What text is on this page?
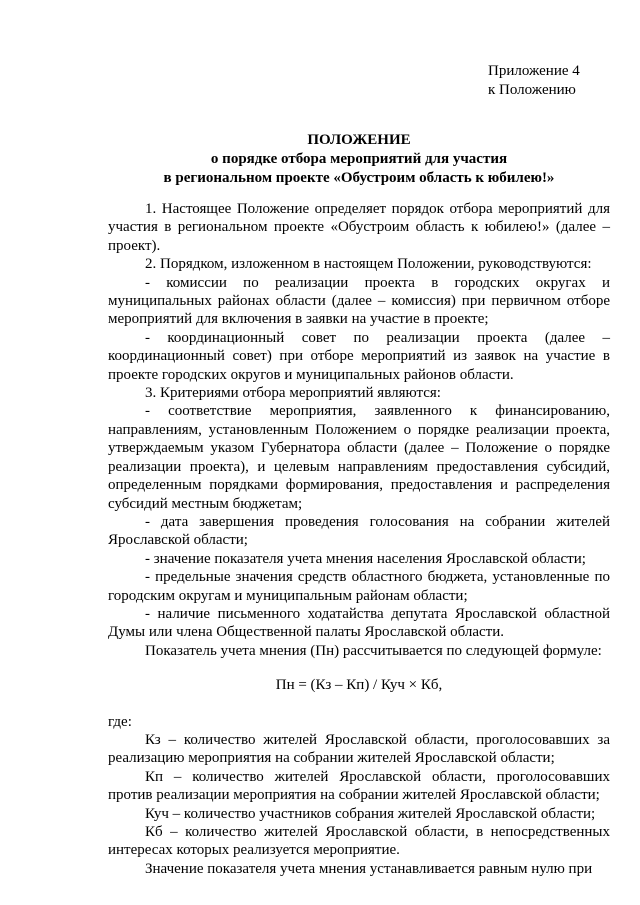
Приложение 4
к Положению
ПОЛОЖЕНИЕ
о порядке отбора мероприятий для участия
в региональном проекте «Обустроим область к юбилею!»

1. Настоящее Положение определяет порядок отбора мероприятий для участия в региональном проекте «Обустроим область к юбилею!» (далее – проект).

2. Порядком, изложенном в настоящем Положении, руководствуются:

- комиссии по реализации проекта в городских округах и муниципальных районах области (далее – комиссия) при первичном отборе мероприятий для включения в заявки на участие в проекте;

- координационный совет по реализации проекта (далее – координационный совет) при отборе мероприятий из заявок на участие в проекте городских округов и муниципальных районов области.

3. Критериями отбора мероприятий являются:

- соответствие мероприятия, заявленного к финансированию, направлениям, установленным Положением о порядке реализации проекта, утверждаемым указом Губернатора области (далее – Положение о порядке реализации проекта), и целевым направлениям предоставления субсидий, определенным порядками формирования, предоставления и распределения субсидий местным бюджетам;

- дата завершения проведения голосования на собрании жителей Ярославской области;

- значение показателя учета мнения населения Ярославской области;

- предельные значения средств областного бюджета, установленные по городским округам и муниципальным районам области;

- наличие письменного ходатайства депутата Ярославской областной Думы или члена Общественной палаты Ярославской области.

Показатель учета мнения (Пн) рассчитывается по следующей формуле:

Пн = (Кз – Кп) / Куч × Кб,

где:

Кз – количество жителей Ярославской области, проголосовавших за реализацию мероприятия на собрании жителей Ярославской области;

Кп – количество жителей Ярославской области, проголосовавших против реализации мероприятия на собрании жителей Ярославской области;

Куч – количество участников собрания жителей Ярославской области;

Кб – количество жителей Ярославской области, в непосредственных интересах которых реализуется мероприятие.

Значение показателя учета мнения устанавливается равным нулю при
